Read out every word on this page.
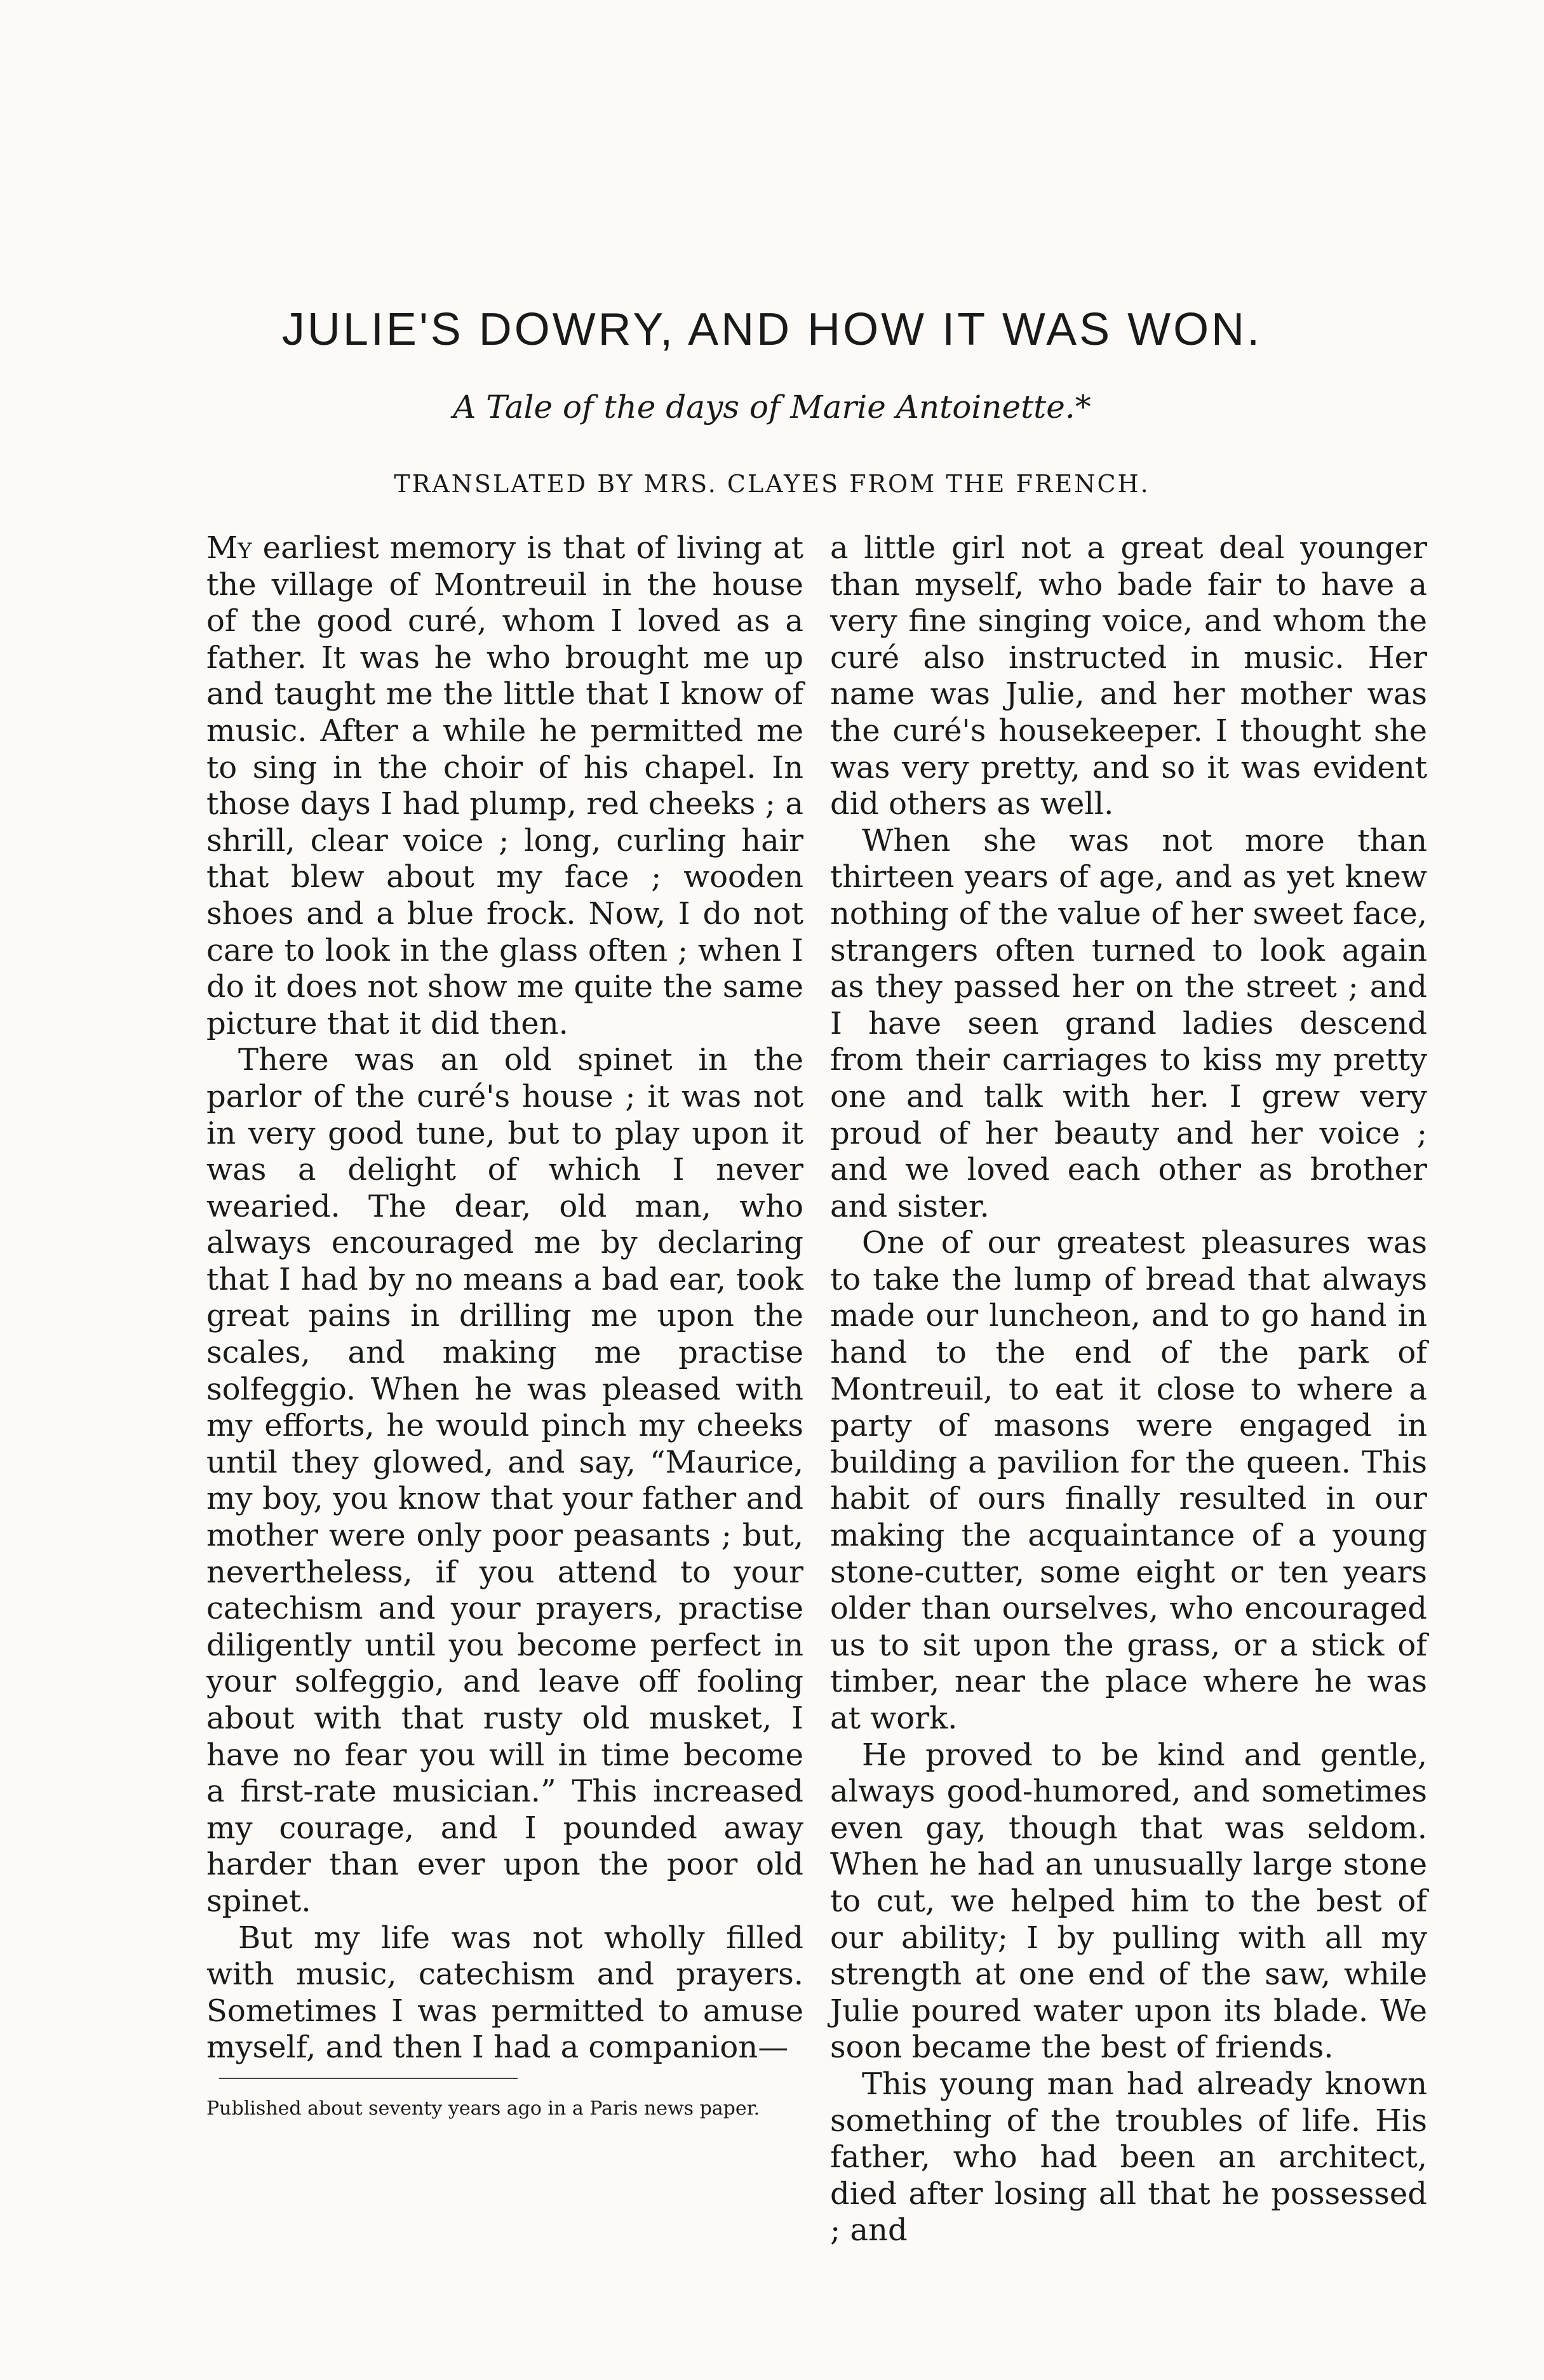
JULIE'S DOWRY, AND HOW IT WAS WON.

A Tale of the days of Marie Antoinette.*

TRANSLATED BY MRS. CLAYES FROM THE FRENCH.

My earliest memory is that of living at the village of Montreuil in the house of the good curé, whom I loved as a father. It was he who brought me up and taught me the little that I know of music. After a while he permitted me to sing in the choir of his chapel. In those days I had plump, red cheeks ; a shrill, clear voice ; long, curling hair that blew about my face ; wooden shoes and a blue frock. Now, I do not care to look in the glass often ; when I do it does not show me quite the same picture that it did then.

There was an old spinet in the parlor of the curé's house ; it was not in very good tune, but to play upon it was a delight of which I never wearied. The dear, old man, who always encouraged me by declaring that I had by no means a bad ear, took great pains in drilling me upon the scales, and making me practise solfeggio. When he was pleased with my efforts, he would pinch my cheeks until they glowed, and say, “Maurice, my boy, you know that your father and mother were only poor peasants ; but, nevertheless, if you attend to your catechism and your prayers, practise diligently until you become perfect in your solfeggio, and leave off fooling about with that rusty old musket, I have no fear you will in time become a first-rate musician.” This increased my courage, and I pounded away harder than ever upon the poor old spinet.

But my life was not wholly filled with music, catechism and prayers. Sometimes I was permitted to amuse myself, and then I had a companion—

a little girl not a great deal younger than myself, who bade fair to have a very fine singing voice, and whom the curé also instructed in music. Her name was Julie, and her mother was the curé's housekeeper. I thought she was very pretty, and so it was evident did others as well.

When she was not more than thirteen years of age, and as yet knew nothing of the value of her sweet face, strangers often turned to look again as they passed her on the street ; and I have seen grand ladies descend from their carriages to kiss my pretty one and talk with her. I grew very proud of her beauty and her voice ; and we loved each other as brother and sister.

One of our greatest pleasures was to take the lump of bread that always made our luncheon, and to go hand in hand to the end of the park of Montreuil, to eat it close to where a party of masons were engaged in building a pavilion for the queen. This habit of ours finally resulted in our making the acquaintance of a young stone-cutter, some eight or ten years older than ourselves, who encouraged us to sit upon the grass, or a stick of timber, near the place where he was at work.

He proved to be kind and gentle, always good-humored, and sometimes even gay, though that was seldom. When he had an unusually large stone to cut, we helped him to the best of our ability; I by pulling with all my strength at one end of the saw, while Julie poured water upon its blade. We soon became the best of friends.

This young man had already known something of the troubles of life. His father, who had been an architect, died after losing all that he possessed ; and

Published about seventy years ago in a Paris news paper.
